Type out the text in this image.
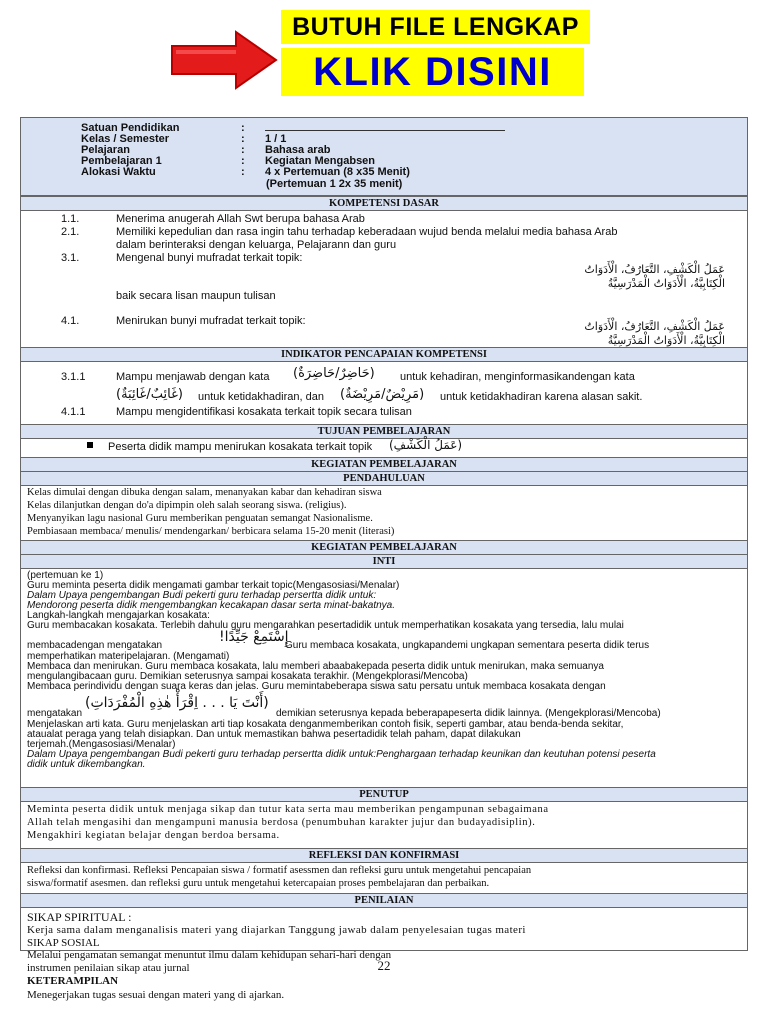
BUTUH FILE LENGKAP
KLIK DISINI
Satuan Pendidikan	:
Kelas / Semester	: 1 / 1
Pelajaran	: Bahasa arab
Pembelajaran 1	: Kegiatan Mengabsen
Alokasi Waktu	: 4 x Pertemuan (8 x35 Menit)
(Pertemuan 1 2x 35 menit)
KOMPETENSI DASAR
1.1.	Menerima anugerah Allah Swt berupa bahasa Arab
2.1.	Memiliki kepedulian dan rasa ingin tahu terhadap keberadaan wujud benda melalui media bahasa Arab
dalam berinteraksi dengan keluarga, Pelajarann dan guru
3.1.	Mengenal bunyi mufradat terkait topik:
عَمَلُ الْكَشْفِ، التَّعَارُفُ، الْأَدَوَاتُ
الْكِتَابِيَّةُ، الْأَدَوَاتُ الْمَدْرَسِيَّةُ
baik secara lisan maupun tulisan
4.1.	Menirukan bunyi mufradat terkait topik:	عَمَلُ الْكَشْفِ، التَّعَارُفُ، الْأَدَوَاتُ
الْكِتَابِيَّةُ، الْأَدَوَاتُ الْمَدْرَسِيَّةُ
INDIKATOR PENCAPAIAN KOMPETENSI
3.1.1	Mampu menjawab dengan kata (حَاضِرٌ/حَاضِرَةٌ) untuk kehadiran, menginformasikandengan kata
(غَائِبٌ/غَائِبَةٌ) untuk ketidakhadiran, dan (مَرِيْضٌ/مَرِيْضَةٌ) untuk ketidakhadiran karena alasan sakit.
4.1.1	Mampu mengidentifikasi kosakata terkait topik secara tulisan
TUJUAN PEMBELAJARAN
Peserta didik mampu menirukan kosakata terkait topik (عَمَلُ الْكَشْفِ)
KEGIATAN PEMBELAJARAN
PENDAHULUAN
Kelas dimulai dengan dibuka dengan salam, menanyakan kabar dan kehadiran siswa
Kelas dilanjutkan dengan do'a dipimpin oleh salah seorang siswa. (religius).
Menyanyikan lagu nasional Guru memberikan penguatan semangat Nasionalisme.
Pembiasaan membaca/ menulis/ mendengarkan/ berbicara selama 15-20 menit (literasi)
KEGIATAN PEMBELAJARAN
INTI
(pertemuan ke 1)
Guru meminta peserta didik mengamati gambar terkait topic(Mengasosiasi/Menalar)
Dalam Upaya pengembangan Budi pekerti guru terhadap persertta didik untuk:
Mendorong peserta didik mengembangkan kecakapan dasar serta minat-bakatnya.
Langkah-langkah mengajarkan kosakata:
Guru membacakan kosakata. Terlebih dahulu guru mengarahkan pesertadidik untuk memperhatikan kosakata yang tersedia, lalu mulai
membacadengan mengatakan
إِسْتَمِعْ جَيِّدًا!
Guru membaca kosakata, ungkapandemi ungkapan sementara peserta didik terus
memperhatikan materipelajaran. (Mengamati)
Membaca dan menirukan. Guru membaca kosakata, lalu memberi abaabakepada peserta didik untuk menirukan, maka semuanya
mengulangibacaan guru. Demikian seterusnya sampai kosakata terakhir. (Mengekplorasi/Mencoba)
Membaca perindividu dengan suara keras dan jelas. Guru memintabeberapa siswa satu persatu untuk membaca kosakata dengan
mengatakan
(أَنْتَ يَا . . . اِقْرَأْ هٰذِهِ الْمُفْرَدَاتِ)
demikian seterusnya kepada beberapapeserta didik lainnya. (Mengekplorasi/Mencoba)
Menjelaskan arti kata. Guru menjelaskan arti tiap kosakata denganmemberikan contoh fisik, seperti gambar, atau benda-benda sekitar,
ataualat peraga yang telah disiapkan. Dan untuk memastikan bahwa pesertadidik telah paham, dapat dilakukan
terjemah.(Mengasosiasi/Menalar)
Dalam Upaya pengembangan Budi pekerti guru terhadap persertta didik untuk:Penghargaan terhadap keunikan dan keutuhan potensi peserta
didik untuk dikembangkan.
PENUTUP
Meminta peserta didik untuk menjaga sikap dan tutur kata serta mau memberikan pengampunan sebagaimana
Allah telah mengasihi dan mengampuni manusia berdosa (penumbuhan karakter jujur dan budayadisiplin).
Mengakhiri kegiatan belajar dengan berdoa bersama.
REFLEKSI DAN KONFIRMASI
Refleksi dan konfirmasi. Refleksi Pencapaian siswa / formatif asessmen dan refleksi guru untuk mengetahui pencapaian
siswa/formatif asesmen. dan refleksi guru untuk mengetahui ketercapaian proses pembelajaran dan perbaikan.
PENILAIAN
SIKAP SPIRITUAL :
Kerja sama dalam menganalisis materi yang diajarkan Tanggung jawab dalam penyelesaian tugas materi
SIKAP SOSIAL
Melalui pengamatan semangat menuntut ilmu dalam kehidupan sehari-hari dengan
instrumen penilaian sikap atau jurnal
KETERAMPILAN
Menegerjakan tugas sesuai dengan materi yang di ajarkan.
22
